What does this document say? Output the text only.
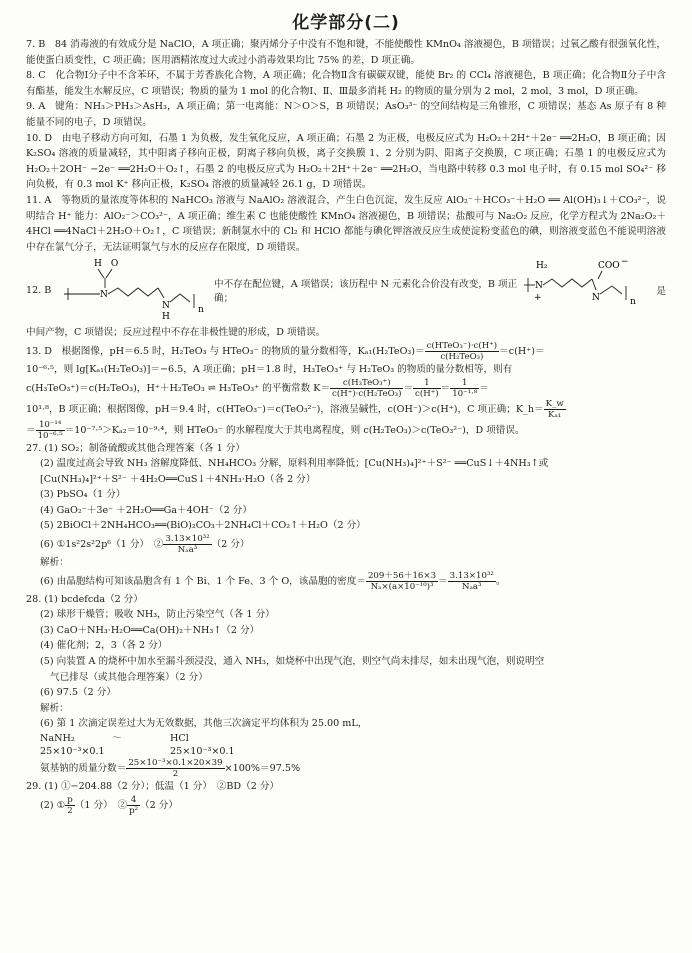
化学部分(二)

7. B　84 消毒液的有效成分是 NaClO，A 项正确；聚丙烯分子中没有不饱和键，不能使酸性 KMnO₄ 溶液褪色，B 项错误；过氧乙酸有很强氧化性，能使蛋白质变性，C 项正确；医用酒精浓度过大或过小消毒效果均比 75% 的差，D 项正确。

8. C　化合物Ⅰ分子中不含苯环，不属于芳香族化合物，A 项正确；化合物Ⅱ含有碳碳双键，能使 Br₂ 的 CCl₄ 溶液褪色，B 项正确；化合物Ⅱ分子中含有酯基，能发生水解反应，C 项错误；物质的量为 1 mol 的化合物Ⅰ、Ⅱ、Ⅲ最多消耗 H₂ 的物质的量分别为 2 mol，2 mol，3 mol，D 项正确。

9. A　键角：NH₃＞PH₃＞AsH₃，A 项正确；第一电离能：N＞O＞S，B 项错误；AsO₃³⁻ 的空间结构是三角锥形，C 项错误；基态 As 原子有 8 种能量不同的电子，D 项错误。

10. D　由电子移动方向可知，石墨 1 为负极，发生氧化反应，A 项正确；石墨 2 为正极，电极反应式为 H₂O₂＋2H⁺＋2e⁻ ══2H₂O，B 项正确；因 K₂SO₄ 溶液的质量减轻，其中阳离子移向正极，阴离子移向负极，离子交换膜 1、2 分别为阴、阳离子交换膜，C 项正确；石墨 1 的电极反应式为 H₂O₂＋2OH⁻ −2e⁻ ══2H₂O＋O₂↑，石墨 2 的电极反应式为 H₂O₂＋2H⁺＋2e⁻ ══2H₂O，当电路中转移 0.3 mol 电子时，有 0.15 mol SO₄²⁻ 移向负极，有 0.3 mol K⁺ 移向正极，K₂SO₄ 溶液的质量减轻 26.1 g，D 项错误。

11. A　等物质的量浓度等体积的 NaHCO₃ 溶液与 NaAlO₂ 溶液混合，产生白色沉淀，发生反应 AlO₂⁻＋HCO₃⁻＋H₂O ══ Al(OH)₃↓＋CO₃²⁻，说明结合 H⁺ 能力：AlO₂⁻＞CO₃²⁻，A 项正确；维生素 C 也能使酸性 KMnO₄ 溶液褪色，B 项错误；盐酸可与 Na₂O₂ 反应，化学方程式为 2Na₂O₂＋4HCl ══4NaCl＋2H₂O＋O₂↑，C 项错误；新制氯水中的 Cl₂ 和 HClO 都能与碘化钾溶液反应生成使淀粉变蓝色的碘，则溶液变蓝色不能说明溶液中存在氯气分子，无法证明氯气与水的反应存在限度，D 项错误。

12. B
H　O
N
N
H
n
中不存在配位键，A 项错误；该历程中 N 元素化合价没有改变，B 项正确；
H₂
N
+
COO −
N	n
是

中间产物，C 项错误；反应过程中不存在非极性键的形成，D 项错误。

13. D　根据图像，pH＝6.5 时，H₂TeO₃ 与 HTeO₃⁻ 的物质的量分数相等，$K_{a1}(H_2TeO_3)= \frac{\text{c(HTeO₃⁻)·c(H⁺)}}{\text{c(H₂TeO₃)}} =c(H^+)=$

10⁻⁶·⁵，则 lg[Kₐ₁(H₂TeO₃)]＝−6.5，A 项正确；pH＝1.8 时，H₃TeO₃⁺ 与 H₂TeO₃ 的物质的量分数相等，则有

c(H₃TeO₃⁺)＝c(H₂TeO₃)，H⁺＋H₂TeO₃ ⇌ H₃TeO₃⁺ 的平衡常数 $K= \frac{\text{c(H₃TeO₃⁺)}}{\text{c(H⁺)·c(H₂TeO₃)}} = \frac{1}{c(H^+)} = \frac{1}{\text{10⁻¹·⁸}}$ ＝

10¹·⁸，B 项正确；根据图像，pH＝9.4 时，c(HTeO₃⁻)＝c(TeO₃²⁻)，溶液呈碱性，c(OH⁻)＞c(H⁺)，C 项正确；K_h＝ $\frac{K\_w}{\text{Kₐ₁}}$

＝ $\frac{\text{10⁻¹⁴}}{\text{10⁻⁶·⁵}} =10^{-7}\cdot^5>K_{a2}=10^{-9}\cdot^4$，则 HTeO₃⁻ 的水解程度大于其电离程度，则 c(H₂TeO₃)＞c(TeO₃²⁻)，D 项错误。

27. (1) SO₂；制备硫酸或其他合理答案（各 1 分）

(2) 温度过高会导致 NH₃ 溶解度降低、NH₄HCO₃ 分解，原料利用率降低；[Cu(NH₃)₄]²⁺＋S²⁻ ══CuS↓＋4NH₃↑或

[Cu(NH₃)₄]²⁺＋S²⁻ ＋4H₂O══CuS↓＋4NH₃·H₂O（各 2 分）

(3) PbSO₄（1 分）

(4) GaO₂⁻＋3e⁻ ＋2H₂O══Ga＋4OH⁻（2 分）

(5) 2BiOCl＋2NH₄HCO₃══(BiO)₂CO₃＋2NH₄Cl＋CO₂↑＋H₂O（2 分）

(6) ①1s²2s²2p⁶（1 分）　② $\frac{\text{3.13×10³²}}{\text{Nₐa³}} (2$ 分）

解析：

(6) 由晶胞结构可知该晶胞含有 1 个 Bi、1 个 Fe、3 个 O，该晶胞的密度＝ $\frac{209+56+16\times 3}{\text{Nₐ×(a×10⁻¹⁰)³}} = \frac{\text{3.13×10³²}}{\text{Nₐa³}}$ 。

28. (1) bcdefcda（2 分）

(2) 球形干燥管；吸收 NH₃，防止污染空气（各 1 分）

(3) CaO＋NH₃·H₂O══Ca(OH)₂＋NH₃↑（2 分）

(4) 催化剂；2，3（各 2 分）

(5) 向装置 A 的烧杯中加水至漏斗颈浸没，通入 NH₃，如烧杯中出现气泡，则空气尚未排尽，如未出现气泡，则说明空

气已排尽（或其他合理答案）（2 分）

(6) 97.5（2 分）

解析：

(6) 第 1 次滴定误差过大为无效数据，其他三次滴定平均体积为 25.00 mL，

NaNH₂	～	HCl

25×10⁻³×0.1	25×10⁻³×0.1

氨基钠的质量分数＝ $\frac{\text{25×10⁻³×0.1×20×39}}{2} \times 100\%=97.5\%$

29. (1) ①−204.88（2 分）；低温（1 分）　②BD（2 分）

(2) ① $\frac{p}{2} (1$ 分）　② $\frac{4}{\text{p²}} (2$ 分）
